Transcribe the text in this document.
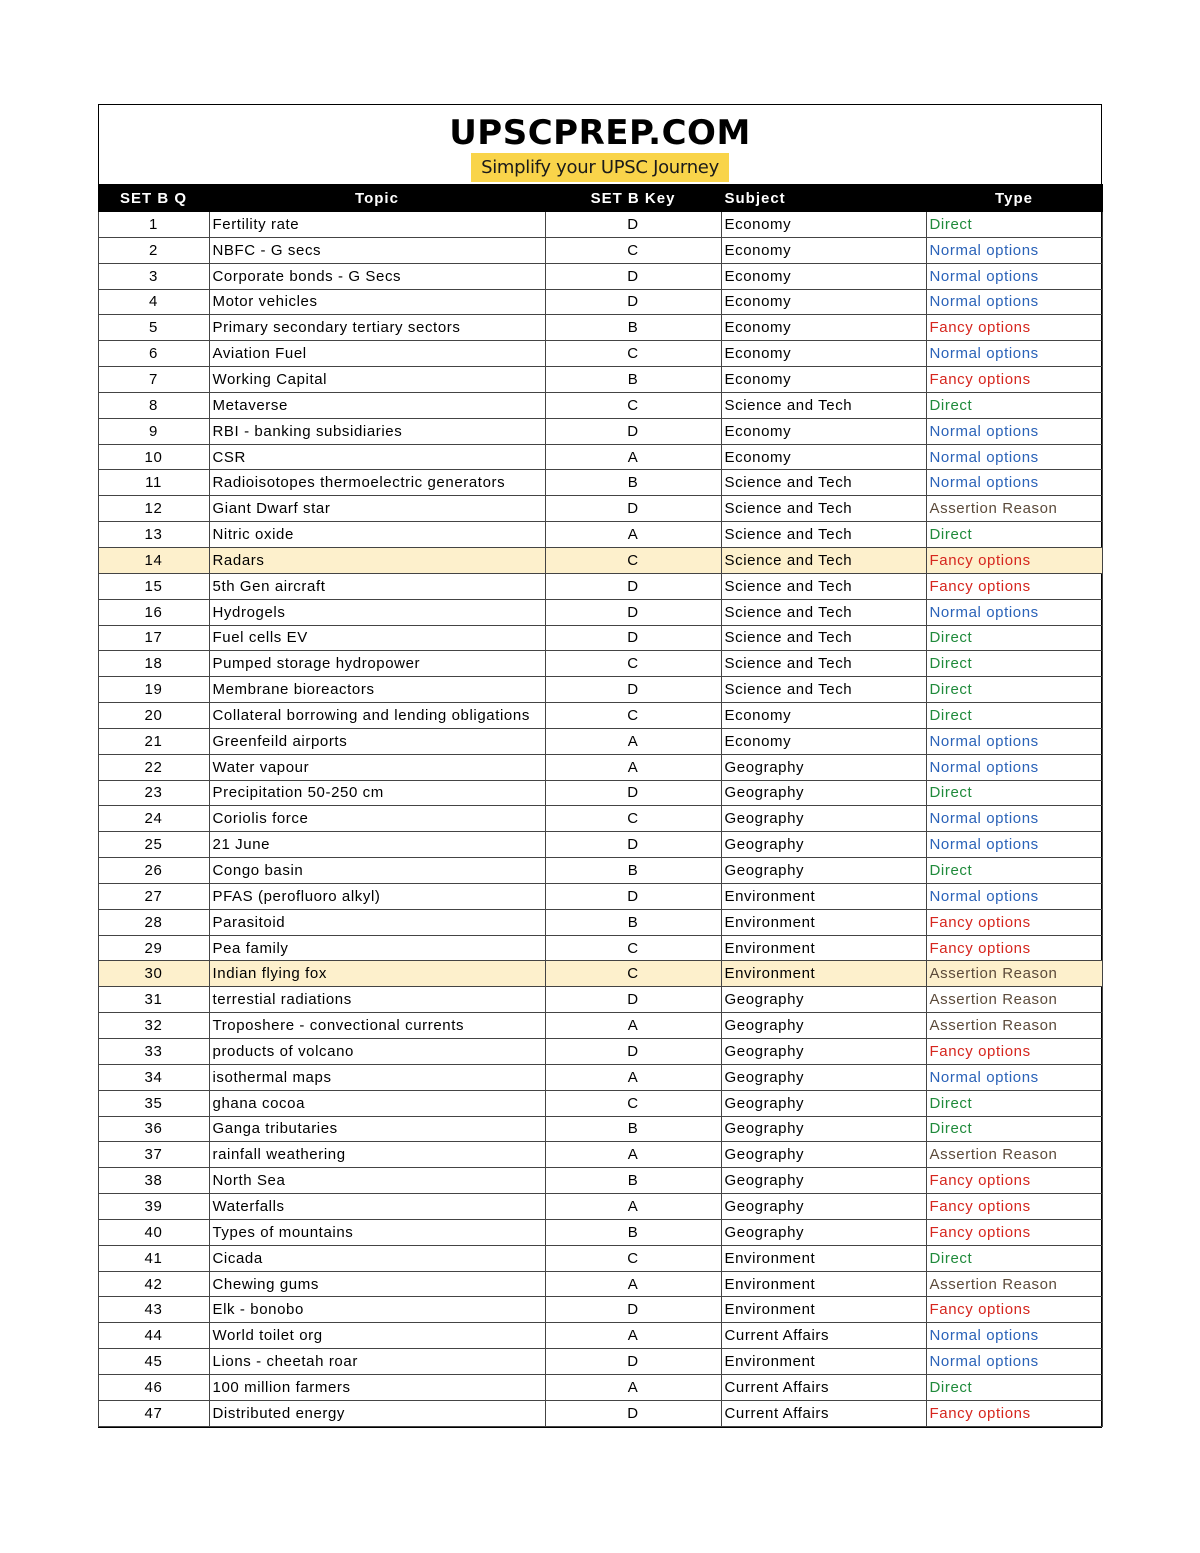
UPSCPREP.COM
Simplify your UPSC Journey
SET B Q	Topic	SET B Key	Subject	Type
1	Fertility rate	D	Economy	Direct
2	NBFC - G secs	C	Economy	Normal options
3	Corporate bonds - G Secs	D	Economy	Normal options
4	Motor vehicles	D	Economy	Normal options
5	Primary secondary tertiary sectors	B	Economy	Fancy options
6	Aviation Fuel	C	Economy	Normal options
7	Working Capital	B	Economy	Fancy options
8	Metaverse	C	Science and Tech	Direct
9	RBI - banking subsidiaries	D	Economy	Normal options
10	CSR	A	Economy	Normal options
11	Radioisotopes thermoelectric generators	B	Science and Tech	Normal options
12	Giant Dwarf star	D	Science and Tech	Assertion Reason
13	Nitric oxide	A	Science and Tech	Direct
14	Radars	C	Science and Tech	Fancy options
15	5th Gen aircraft	D	Science and Tech	Fancy options
16	Hydrogels	D	Science and Tech	Normal options
17	Fuel cells EV	D	Science and Tech	Direct
18	Pumped storage hydropower	C	Science and Tech	Direct
19	Membrane bioreactors	D	Science and Tech	Direct
20	Collateral borrowing and lending obligations	C	Economy	Direct
21	Greenfeild airports	A	Economy	Normal options
22	Water vapour	A	Geography	Normal options
23	Precipitation 50-250 cm	D	Geography	Direct
24	Coriolis force	C	Geography	Normal options
25	21 June	D	Geography	Normal options
26	Congo basin	B	Geography	Direct
27	PFAS (perofluoro alkyl)	D	Environment	Normal options
28	Parasitoid	B	Environment	Fancy options
29	Pea family	C	Environment	Fancy options
30	Indian flying fox	C	Environment	Assertion Reason
31	terrestial radiations	D	Geography	Assertion Reason
32	Troposhere - convectional currents	A	Geography	Assertion Reason
33	products of volcano	D	Geography	Fancy options
34	isothermal maps	A	Geography	Normal options
35	ghana cocoa	C	Geography	Direct
36	Ganga tributaries	B	Geography	Direct
37	rainfall weathering	A	Geography	Assertion Reason
38	North Sea	B	Geography	Fancy options
39	Waterfalls	A	Geography	Fancy options
40	Types of mountains	B	Geography	Fancy options
41	Cicada	C	Environment	Direct
42	Chewing gums	A	Environment	Assertion Reason
43	Elk - bonobo	D	Environment	Fancy options
44	World toilet org	A	Current Affairs	Normal options
45	Lions - cheetah roar	D	Environment	Normal options
46	100 million farmers	A	Current Affairs	Direct
47	Distributed energy	D	Current Affairs	Fancy options
